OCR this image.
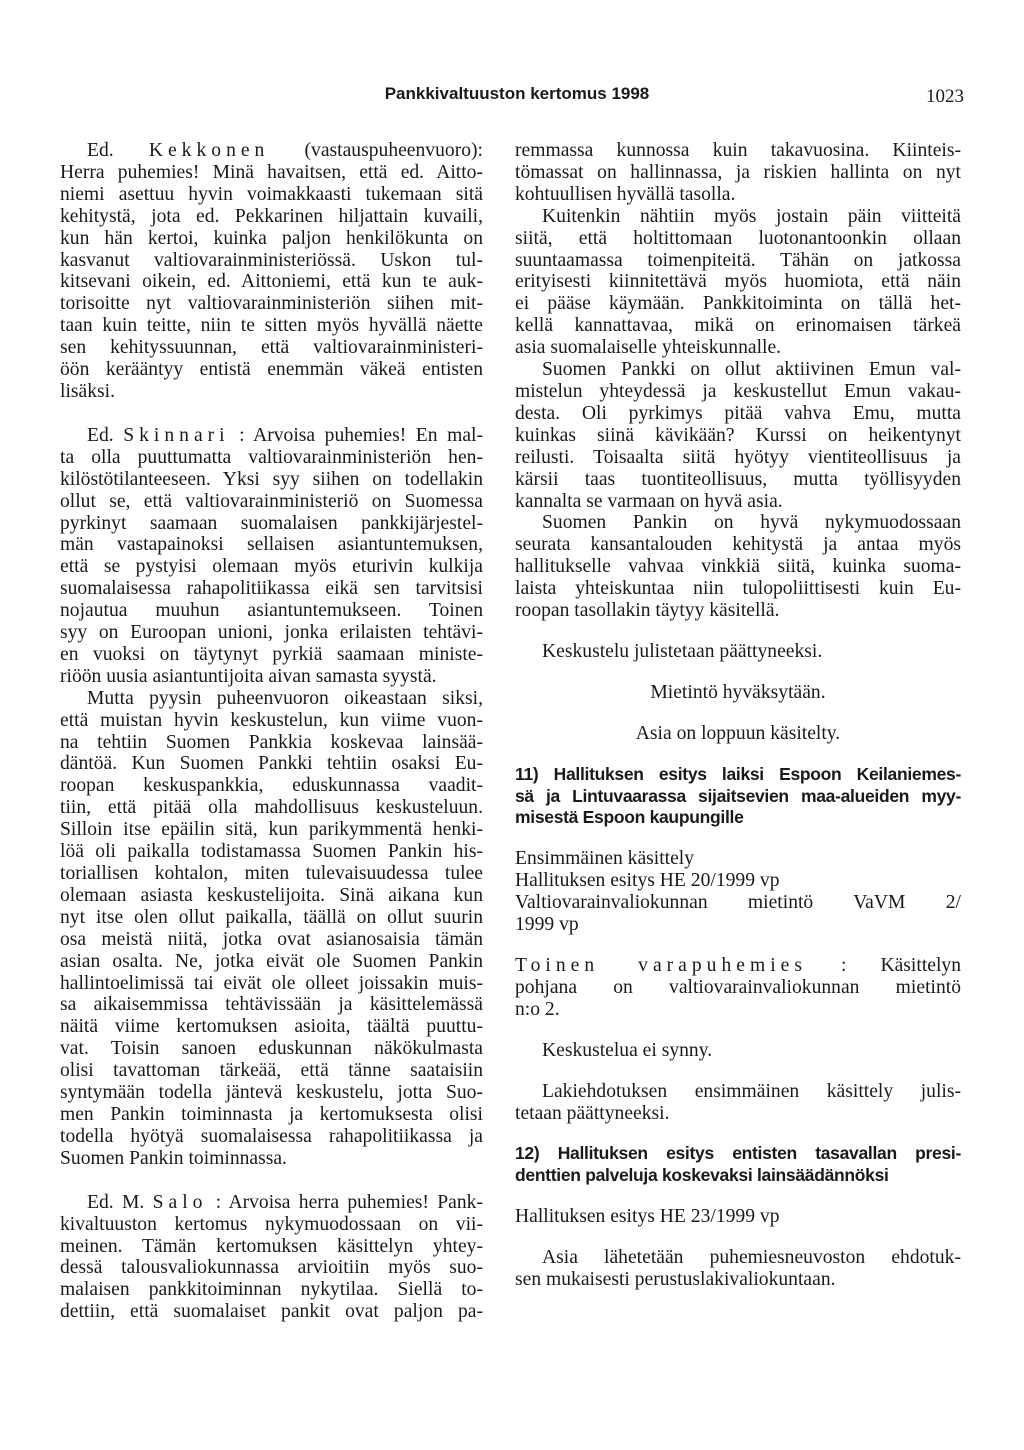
Pankkivaltuuston kertomus 1998	1023
Ed. Kekkonen (vastauspuheenvuoro):
Herra puhemies! Minä havaitsen, että ed. Aitto-
niemi asettuu hyvin voimakkaasti tukemaan sitä
kehitystä, jota ed. Pekkarinen hiljattain kuvaili,
kun hän kertoi, kuinka paljon henkilökunta on
kasvanut valtiovarainministeriössä. Uskon tul-
kitsevani oikein, ed. Aittoniemi, että kun te auk-
torisoitte nyt valtiovarainministeriön siihen mit-
taan kuin teitte, niin te sitten myös hyvällä näette
sen kehityssuunnan, että valtiovarainministeri-
öön kerääntyy entistä enemmän väkeä entisten
lisäksi.
Ed. Skinnari : Arvoisa puhemies! En mal-
ta olla puuttumatta valtiovarainministeriön hen-
kilöstötilanteeseen. Yksi syy siihen on todellakin
ollut se, että valtiovarainministeriö on Suomessa
pyrkinyt saamaan suomalaisen pankkijärjestel-
män vastapainoksi sellaisen asiantuntemuksen,
että se pystyisi olemaan myös eturivin kulkija
suomalaisessa rahapolitiikassa eikä sen tarvitsisi
nojautua muuhun asiantuntemukseen. Toinen
syy on Euroopan unioni, jonka erilaisten tehtävi-
en vuoksi on täytynyt pyrkiä saamaan ministe-
riöön uusia asiantuntijoita aivan samasta syystä.
Mutta pyysin puheenvuoron oikeastaan siksi,
että muistan hyvin keskustelun, kun viime vuon-
na tehtiin Suomen Pankkia koskevaa lainsää-
däntöä. Kun Suomen Pankki tehtiin osaksi Eu-
roopan keskuspankkia, eduskunnassa vaadit-
tiin, että pitää olla mahdollisuus keskusteluun.
Silloin itse epäilin sitä, kun parikymmentä henki-
löä oli paikalla todistamassa Suomen Pankin his-
toriallisen kohtalon, miten tulevaisuudessa tulee
olemaan asiasta keskustelijoita. Sinä aikana kun
nyt itse olen ollut paikalla, täällä on ollut suurin
osa meistä niitä, jotka ovat asianosaisia tämän
asian osalta. Ne, jotka eivät ole Suomen Pankin
hallintoelimissä tai eivät ole olleet joissakin muis-
sa aikaisemmissa tehtävissään ja käsittelemässä
näitä viime kertomuksen asioita, täältä puuttu-
vat. Toisin sanoen eduskunnan näkökulmasta
olisi tavattoman tärkeää, että tänne saataisiin
syntymään todella jäntevä keskustelu, jotta Suo-
men Pankin toiminnasta ja kertomuksesta olisi
todella hyötyä suomalaisessa rahapolitiikassa ja
Suomen Pankin toiminnassa.
Ed. M. Salo : Arvoisa herra puhemies! Pank-
kivaltuuston kertomus nykymuodossaan on vii-
meinen. Tämän kertomuksen käsittelyn yhtey-
dessä talousvaliokunnassa arvioitiin myös suo-
malaisen pankkitoiminnan nykytilaa. Siellä to-
dettiin, että suomalaiset pankit ovat paljon pa-
remmassa kunnossa kuin takavuosina. Kiinteis-
tömassat on hallinnassa, ja riskien hallinta on nyt
kohtuullisen hyvällä tasolla.
Kuitenkin nähtiin myös jostain päin viitteitä
siitä, että holtittomaan luotonantoonkin ollaan
suuntaamassa toimenpiteitä. Tähän on jatkossa
erityisesti kiinnitettävä myös huomiota, että näin
ei pääse käymään. Pankkitoiminta on tällä het-
kellä kannattavaa, mikä on erinomaisen tärkeä
asia suomalaiselle yhteiskunnalle.
Suomen Pankki on ollut aktiivinen Emun val-
mistelun yhteydessä ja keskustellut Emun vakau-
desta. Oli pyrkimys pitää vahva Emu, mutta
kuinkas siinä kävikään? Kurssi on heikentynyt
reilusti. Toisaalta siitä hyötyy vientiteollisuus ja
kärsii taas tuontiteollisuus, mutta työllisyyden
kannalta se varmaan on hyvä asia.
Suomen Pankin on hyvä nykymuodossaan
seurata kansantalouden kehitystä ja antaa myös
hallitukselle vahvaa vinkkiä siitä, kuinka suoma-
laista yhteiskuntaa niin tulopoliittisesti kuin Eu-
roopan tasollakin täytyy käsitellä.
Keskustelu julistetaan päättyneeksi.
Mietintö hyväksytään.
Asia on loppuun käsitelty.
11) Hallituksen esitys laiksi Espoon Keilaniemes-
sä ja Lintuvaarassa sijaitsevien maa-alueiden myy-
misestä Espoon kaupungille
Ensimmäinen käsittely
Hallituksen esitys HE 20/1999 vp
Valtiovarainvaliokunnan mietintö VaVM 2/
1999 vp
Toinen varapuhemies : Käsittelyn
pohjana on valtiovarainvaliokunnan mietintö
n:o 2.
Keskustelua ei synny.
Lakiehdotuksen ensimmäinen käsittely julis-
tetaan päättyneeksi.
12) Hallituksen esitys entisten tasavallan presi-
denttien palveluja koskevaksi lainsäädännöksi
Hallituksen esitys HE 23/1999 vp
Asia lähetetään puhemiesneuvoston ehdotuk-
sen mukaisesti perustuslakivaliokuntaan.
